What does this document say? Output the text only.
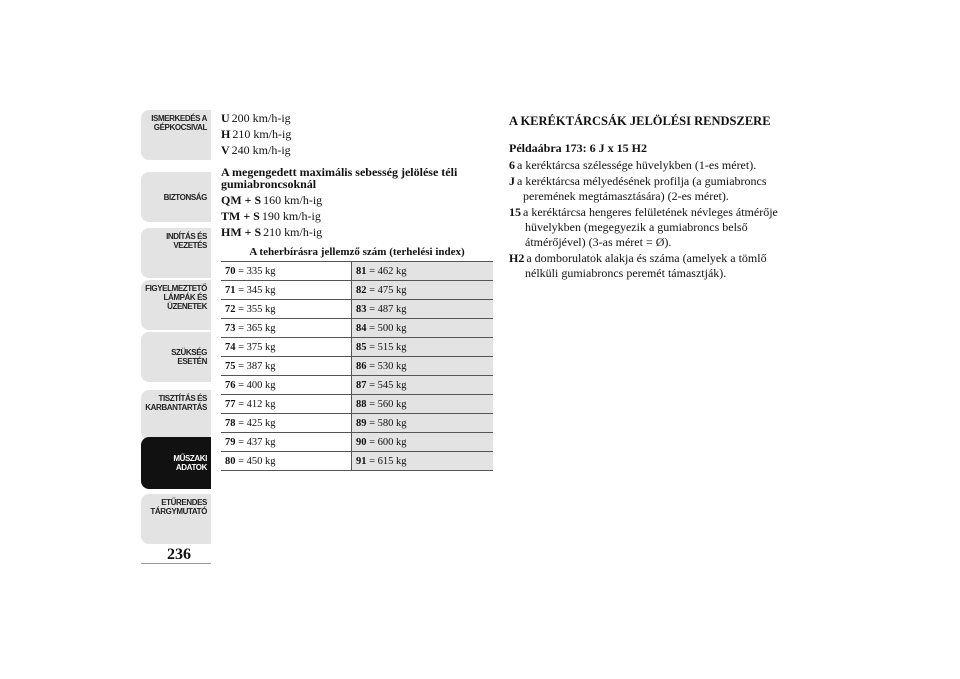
ISMERKEDÉS A
GÉPKOCSIVAL
BIZTONSÁG
INDÍTÁS ÉS
VEZETÉS
FIGYELMEZTETŐ
LÁMPÁK ÉS
ÜZENETEK
SZÜKSÉG ESETÉN
TISZTÍTÁS ÉS
KARBANTARTÁS
MŰSZAKI ADATOK
ETŰRENDES
TÁRGYMUTATÓ
236
U 200 km/h-ig
H 210 km/h-ig
V 240 km/h-ig
A megengedett maximális sebesség jelölése téli gumiabroncsoknál
QM + S 160 km/h-ig
TM + S 190 km/h-ig
HM + S 210 km/h-ig
A teherbírásra jellemző szám (terhelési index)
70 = 335 kg	81 = 462 kg
71 = 345 kg	82 = 475 kg
72 = 355 kg	83 = 487 kg
73 = 365 kg	84 = 500 kg
74 = 375 kg	85 = 515 kg
75 = 387 kg	86 = 530 kg
76 = 400 kg	87 = 545 kg
77 = 412 kg	88 = 560 kg
78 = 425 kg	89 = 580 kg
79 = 437 kg	90 = 600 kg
80 = 450 kg	91 = 615 kg
A KERÉKTÁRCSÁK JELÖLÉSI RENDSZERE
Példaábra 173: 6 J x 15 H2
6 a keréktárcsa szélessége hüvelykben (1-es méret).
J a keréktárcsa mélyedésének profilja (a gumiabroncs peremének megtámasztására) (2-es méret).
15 a keréktárcsa hengeres felületének névleges átmérője hüvelykben (megegyezik a gumiabroncs belső átmérőjével) (3-as méret = Ø).
H2 a domborulatok alakja és száma (amelyek a tömlő nélküli gumiabroncs peremét támasztják).
